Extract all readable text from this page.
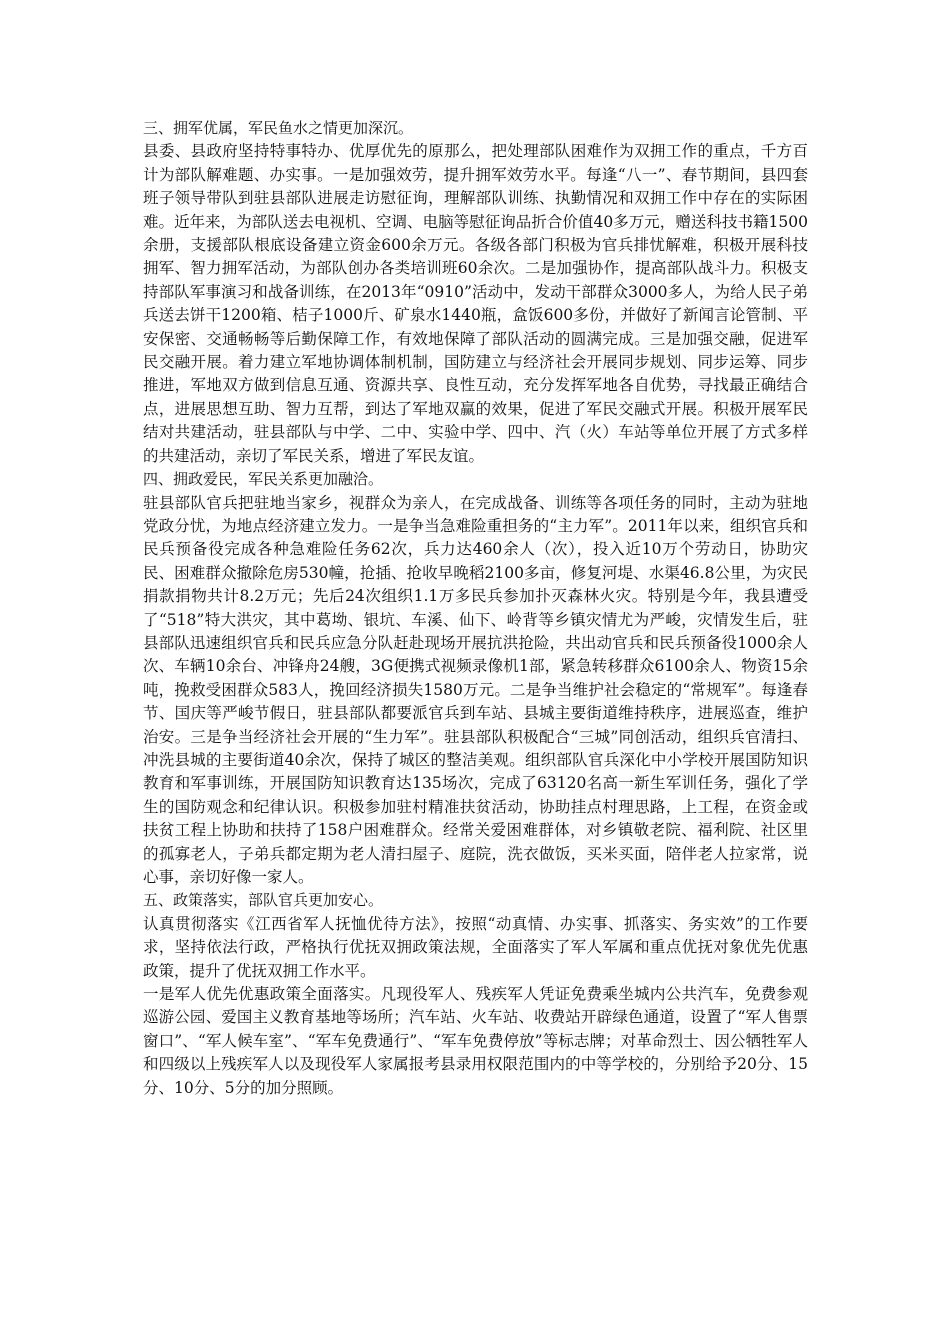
三、拥军优属，军民鱼水之情更加深沉。

县委、县政府坚持特事特办、优厚优先的原那么，把处理部队困难作为双拥工作的重点，千方百计为部队解难题、办实事。一是加强效劳，提升拥军效劳水平。每逢“八一”、春节期间，县四套班子领导带队到驻县部队进展走访慰征询，理解部队训练、执勤情况和双拥工作中存在的实际困难。近年来，为部队送去电视机、空调、电脑等慰征询品折合价值40多万元，赠送科技书籍1500余册，支援部队根底设备建立资金600余万元。各级各部门积极为官兵排忧解难，积极开展科技拥军、智力拥军活动，为部队创办各类培训班60余次。二是加强协作，提高部队战斗力。积极支持部队军事演习和战备训练，在2013年“0910”活动中，发动干部群众3000多人，为给人民子弟兵送去饼干1200箱、桔子1000斤、矿泉水1440瓶，盒饭600多份，并做好了新闻言论管制、平安保密、交通畅畅等后勤保障工作，有效地保障了部队活动的圆满完成。三是加强交融，促进军民交融开展。着力建立军地协调体制机制，国防建立与经济社会开展同步规划、同步运筹、同步推进，军地双方做到信息互通、资源共享、良性互动，充分发挥军地各自优势，寻找最正确结合点，进展思想互助、智力互帮，到达了军地双赢的效果，促进了军民交融式开展。积极开展军民结对共建活动，驻县部队与中学、二中、实验中学、四中、汽（火）车站等单位开展了方式多样的共建活动，亲切了军民关系，增进了军民友谊。

四、拥政爱民，军民关系更加融洽。

驻县部队官兵把驻地当家乡，视群众为亲人，在完成战备、训练等各项任务的同时，主动为驻地党政分忧，为地点经济建立发力。一是争当急难险重担务的“主力军”。2011年以来，组织官兵和民兵预备役完成各种急难险任务62次，兵力达460余人（次），投入近10万个劳动日，协助灾民、困难群众撤除危房530幢，抢插、抢收早晚稻2100多亩，修复河堤、水渠46.8公里，为灾民捐款捐物共计8.2万元；先后24次组织1.1万多民兵参加扑灭森林火灾。特别是今年，我县遭受了“518”特大洪灾，其中葛坳、银坑、车溪、仙下、岭背等乡镇灾情尤为严峻，灾情发生后，驻县部队迅速组织官兵和民兵应急分队赶赴现场开展抗洪抢险，共出动官兵和民兵预备役1000余人次、车辆10余台、冲锋舟24艘，3G便携式视频录像机1部，紧急转移群众6100余人、物资15余吨，挽救受困群众583人，挽回经济损失1580万元。二是争当维护社会稳定的“常规军”。每逢春节、国庆等严峻节假日，驻县部队都要派官兵到车站、县城主要街道维持秩序，进展巡查，维护治安。三是争当经济社会开展的“生力军”。驻县部队积极配合“三城”同创活动，组织兵官清扫、冲洗县城的主要街道40余次，保持了城区的整洁美观。组织部队官兵深化中小学校开展国防知识教育和军事训练，开展国防知识教育达135场次，完成了63120名高一新生军训任务，强化了学生的国防观念和纪律认识。积极参加驻村精准扶贫活动，协助挂点村理思路，上工程，在资金或扶贫工程上协助和扶持了158户困难群众。经常关爱困难群体，对乡镇敬老院、福利院、社区里的孤寡老人，子弟兵都定期为老人清扫屋子、庭院，洗衣做饭，买米买面，陪伴老人拉家常，说心事，亲切好像一家人。

五、政策落实，部队官兵更加安心。

认真贯彻落实《江西省军人抚恤优待方法》，按照“动真情、办实事、抓落实、务实效”的工作要求，坚持依法行政，严格执行优抚双拥政策法规，全面落实了军人军属和重点优抚对象优先优惠政策，提升了优抚双拥工作水平。

一是军人优先优惠政策全面落实。凡现役军人、残疾军人凭证免费乘坐城内公共汽车，免费参观巡游公园、爱国主义教育基地等场所；汽车站、火车站、收费站开辟绿色通道，设置了“军人售票窗口”、“军人候车室”、“军车免费通行”、“军车免费停放”等标志牌；对革命烈士、因公牺牲军人和四级以上残疾军人以及现役军人家属报考县录用权限范围内的中等学校的，分别给予20分、15分、10分、5分的加分照顾。
